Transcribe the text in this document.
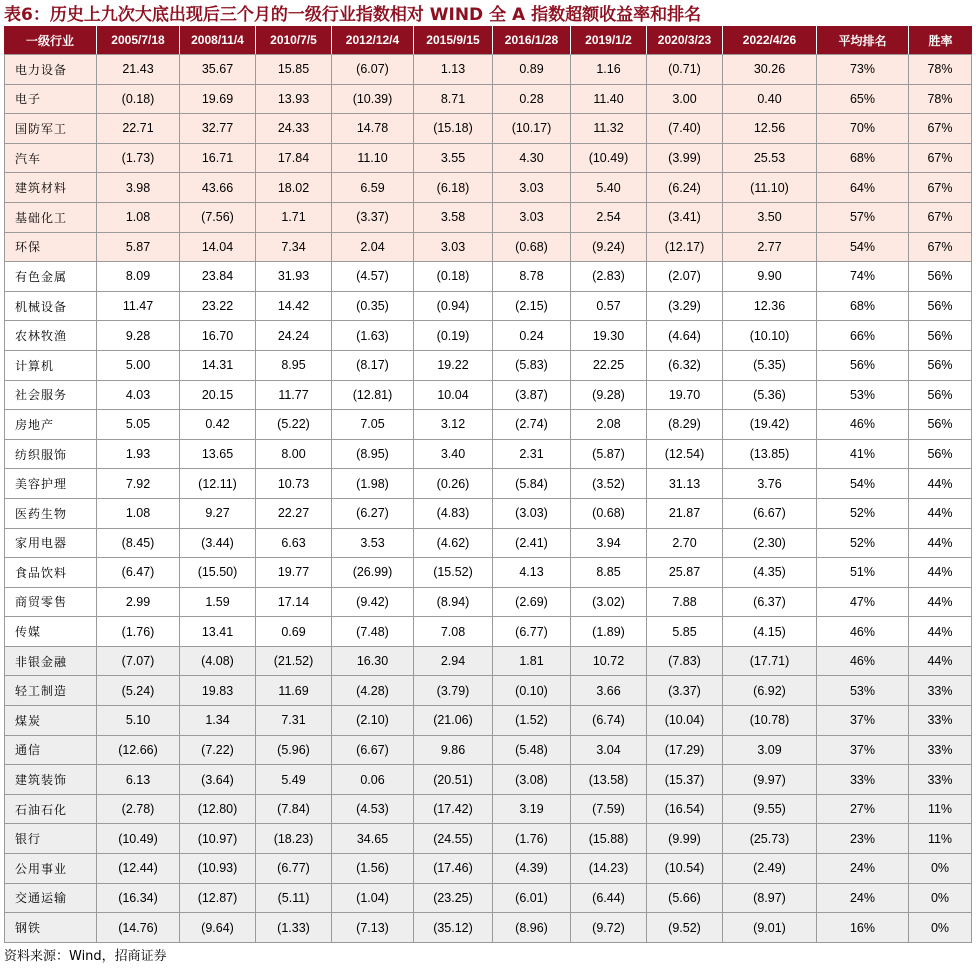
表6：历史上九次大底出现后三个月的一级行业指数相对 WIND 全 A 指数超额收益率和排名
一级行业	2005/7/18	2008/11/4	2010/7/5	2012/12/4	2015/9/15	2016/1/28	2019/1/2	2020/3/23	2022/4/26	平均排名	胜率
电力设备	21.43	35.67	15.85	(6.07)	1.13	0.89	1.16	(0.71)	30.26	73%	78%
电子	(0.18)	19.69	13.93	(10.39)	8.71	0.28	11.40	3.00	0.40	65%	78%
国防军工	22.71	32.77	24.33	14.78	(15.18)	(10.17)	11.32	(7.40)	12.56	70%	67%
汽车	(1.73)	16.71	17.84	11.10	3.55	4.30	(10.49)	(3.99)	25.53	68%	67%
建筑材料	3.98	43.66	18.02	6.59	(6.18)	3.03	5.40	(6.24)	(11.10)	64%	67%
基础化工	1.08	(7.56)	1.71	(3.37)	3.58	3.03	2.54	(3.41)	3.50	57%	67%
环保	5.87	14.04	7.34	2.04	3.03	(0.68)	(9.24)	(12.17)	2.77	54%	67%
有色金属	8.09	23.84	31.93	(4.57)	(0.18)	8.78	(2.83)	(2.07)	9.90	74%	56%
机械设备	11.47	23.22	14.42	(0.35)	(0.94)	(2.15)	0.57	(3.29)	12.36	68%	56%
农林牧渔	9.28	16.70	24.24	(1.63)	(0.19)	0.24	19.30	(4.64)	(10.10)	66%	56%
计算机	5.00	14.31	8.95	(8.17)	19.22	(5.83)	22.25	(6.32)	(5.35)	56%	56%
社会服务	4.03	20.15	11.77	(12.81)	10.04	(3.87)	(9.28)	19.70	(5.36)	53%	56%
房地产	5.05	0.42	(5.22)	7.05	3.12	(2.74)	2.08	(8.29)	(19.42)	46%	56%
纺织服饰	1.93	13.65	8.00	(8.95)	3.40	2.31	(5.87)	(12.54)	(13.85)	41%	56%
美容护理	7.92	(12.11)	10.73	(1.98)	(0.26)	(5.84)	(3.52)	31.13	3.76	54%	44%
医药生物	1.08	9.27	22.27	(6.27)	(4.83)	(3.03)	(0.68)	21.87	(6.67)	52%	44%
家用电器	(8.45)	(3.44)	6.63	3.53	(4.62)	(2.41)	3.94	2.70	(2.30)	52%	44%
食品饮料	(6.47)	(15.50)	19.77	(26.99)	(15.52)	4.13	8.85	25.87	(4.35)	51%	44%
商贸零售	2.99	1.59	17.14	(9.42)	(8.94)	(2.69)	(3.02)	7.88	(6.37)	47%	44%
传媒	(1.76)	13.41	0.69	(7.48)	7.08	(6.77)	(1.89)	5.85	(4.15)	46%	44%
非银金融	(7.07)	(4.08)	(21.52)	16.30	2.94	1.81	10.72	(7.83)	(17.71)	46%	44%
轻工制造	(5.24)	19.83	11.69	(4.28)	(3.79)	(0.10)	3.66	(3.37)	(6.92)	53%	33%
煤炭	5.10	1.34	7.31	(2.10)	(21.06)	(1.52)	(6.74)	(10.04)	(10.78)	37%	33%
通信	(12.66)	(7.22)	(5.96)	(6.67)	9.86	(5.48)	3.04	(17.29)	3.09	37%	33%
建筑装饰	6.13	(3.64)	5.49	0.06	(20.51)	(3.08)	(13.58)	(15.37)	(9.97)	33%	33%
石油石化	(2.78)	(12.80)	(7.84)	(4.53)	(17.42)	3.19	(7.59)	(16.54)	(9.55)	27%	11%
银行	(10.49)	(10.97)	(18.23)	34.65	(24.55)	(1.76)	(15.88)	(9.99)	(25.73)	23%	11%
公用事业	(12.44)	(10.93)	(6.77)	(1.56)	(17.46)	(4.39)	(14.23)	(10.54)	(2.49)	24%	0%
交通运输	(16.34)	(12.87)	(5.11)	(1.04)	(23.25)	(6.01)	(6.44)	(5.66)	(8.97)	24%	0%
钢铁	(14.76)	(9.64)	(1.33)	(7.13)	(35.12)	(8.96)	(9.72)	(9.52)	(9.01)	16%	0%
资料来源：Wind，招商证券
